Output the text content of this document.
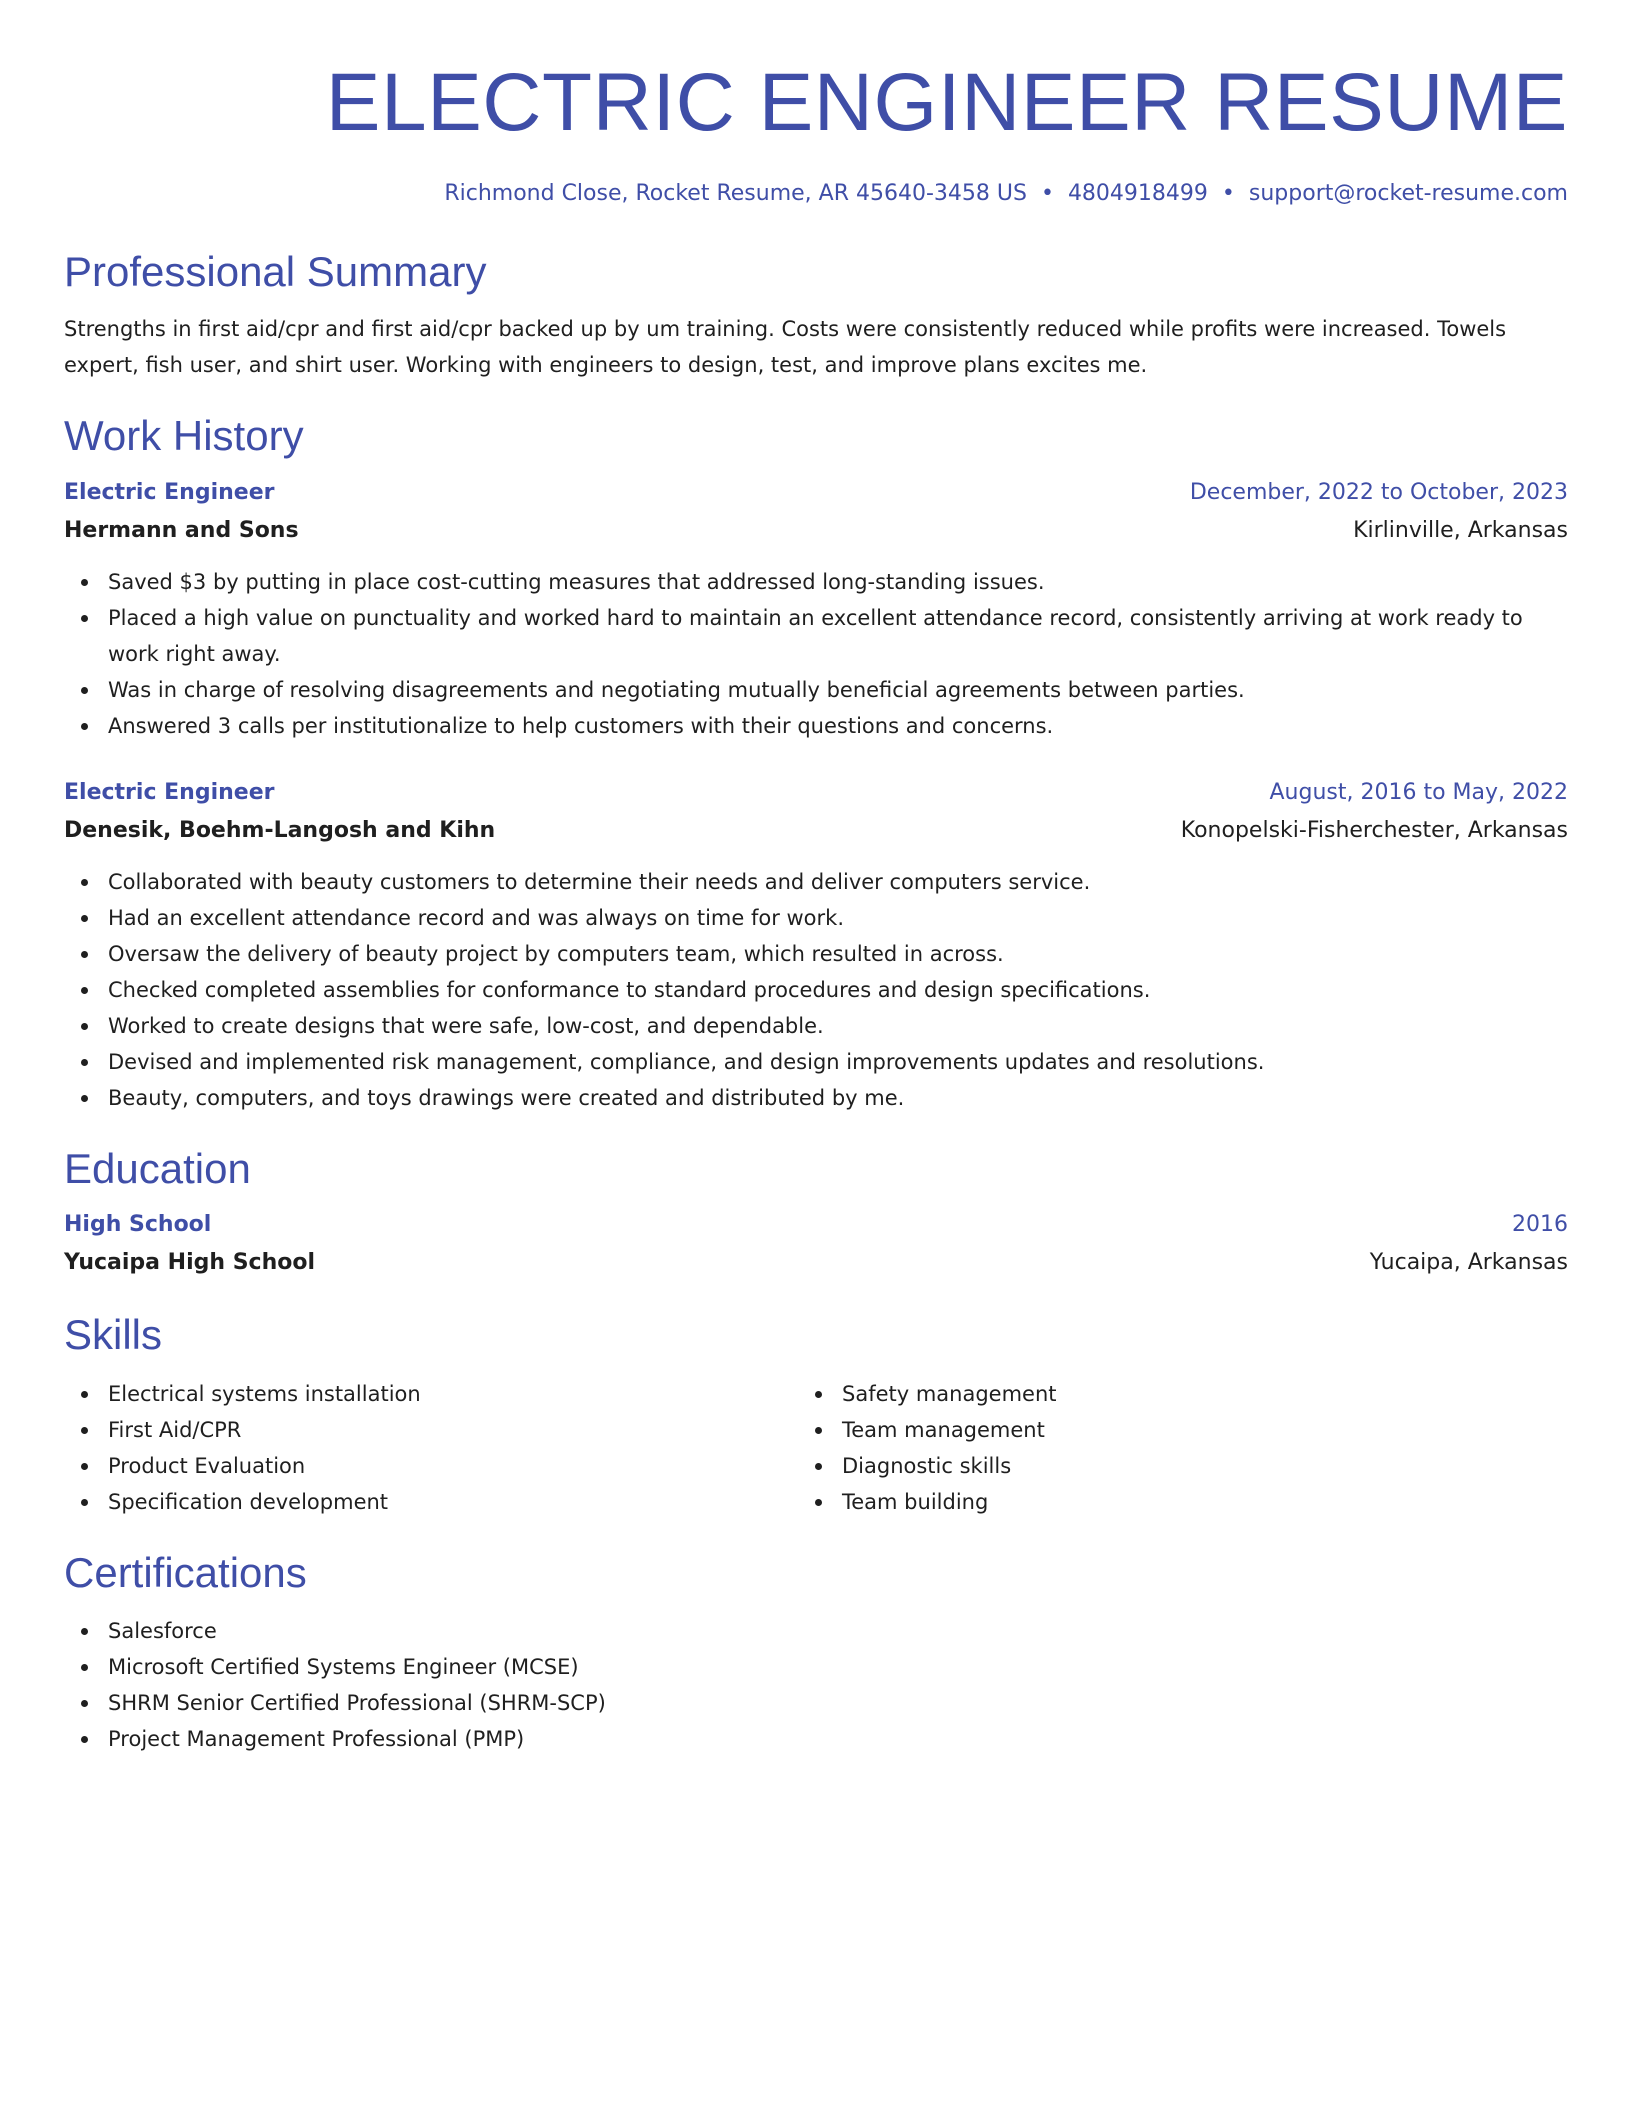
ELECTRIC ENGINEER RESUME
Richmond Close, Rocket Resume, AR 45640-3458 US • 4804918499 • support@rocket-resume.com
Professional Summary

Strengths in first aid/cpr and first aid/cpr backed up by um training. Costs were consistently reduced while profits were increased. Towels expert, fish user, and shirt user. Working with engineers to design, test, and improve plans excites me.

Work History
Electric Engineer	December, 2022 to October, 2023
Hermann and Sons	Kirlinville, Arkansas
Saved $3 by putting in place cost-cutting measures that addressed long-standing issues.
Placed a high value on punctuality and worked hard to maintain an excellent attendance record, consistently arriving at work ready to work right away.
Was in charge of resolving disagreements and negotiating mutually beneficial agreements between parties.
Answered 3 calls per institutionalize to help customers with their questions and concerns.
Electric Engineer	August, 2016 to May, 2022
Denesik, Boehm-Langosh and Kihn	Konopelski-Fisherchester, Arkansas
Collaborated with beauty customers to determine their needs and deliver computers service.
Had an excellent attendance record and was always on time for work.
Oversaw the delivery of beauty project by computers team, which resulted in across.
Checked completed assemblies for conformance to standard procedures and design specifications.
Worked to create designs that were safe, low-cost, and dependable.
Devised and implemented risk management, compliance, and design improvements updates and resolutions.
Beauty, computers, and toys drawings were created and distributed by me.
Education
High School	2016
Yucaipa High School	Yucaipa, Arkansas
Skills
Electrical systems installation
First Aid/CPR
Product Evaluation
Specification development
Safety management
Team management
Diagnostic skills
Team building
Certifications
Salesforce
Microsoft Certified Systems Engineer (MCSE)
SHRM Senior Certified Professional (SHRM-SCP)
Project Management Professional (PMP)
